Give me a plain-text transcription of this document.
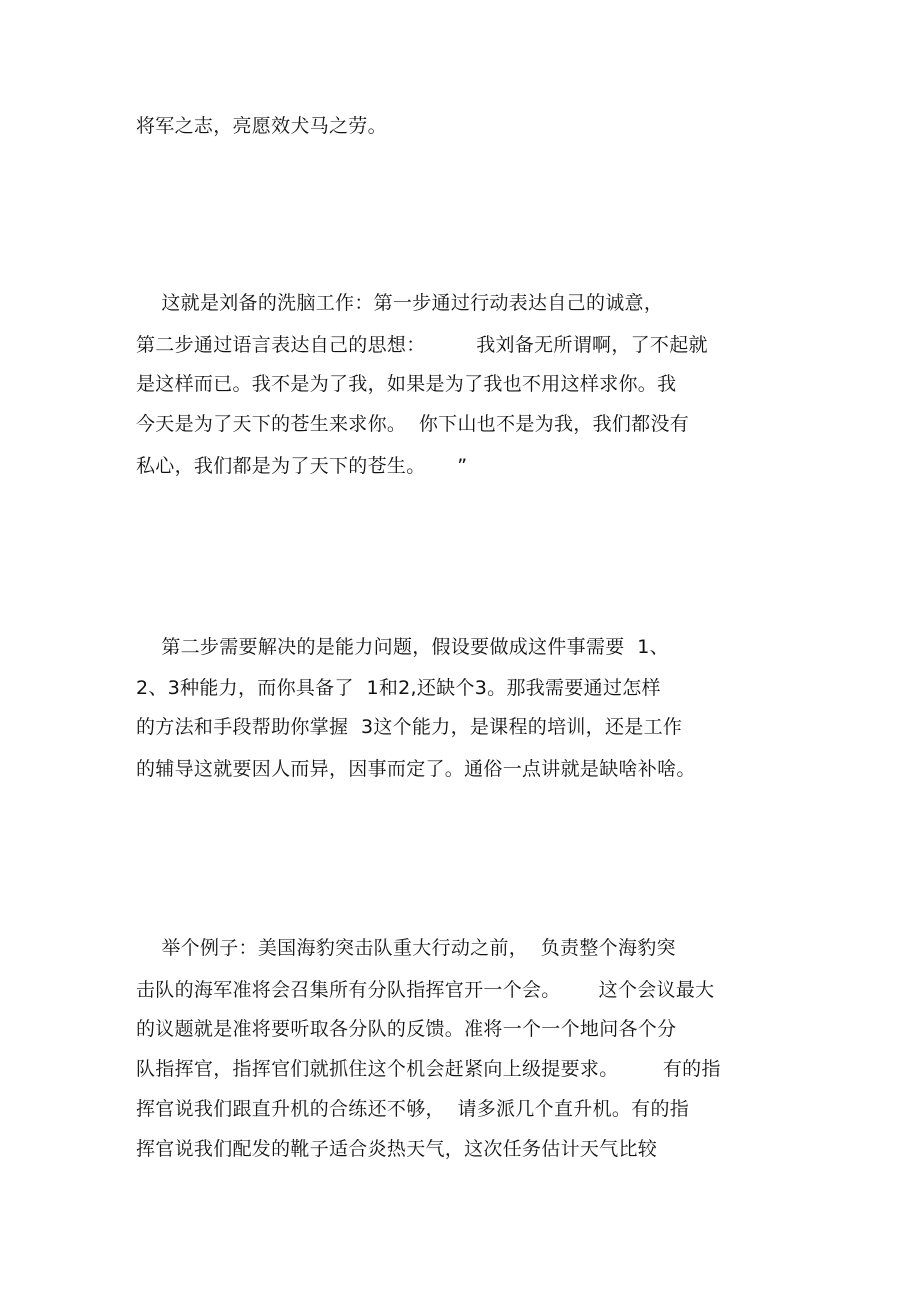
将军之志，亮愿效犬马之劳。
这就是刘备的洗脑工作：第一步通过行动表达自己的诚意，
第二步通过语言表达自己的思想：        我刘备无所谓啊，了不起就
是这样而已。我不是为了我，如果是为了我也不用这样求你。我
今天是为了天下的苍生来求你。  你下山也不是为我，我们都没有
私心，我们都是为了天下的苍生。     ”
第二步需要解决的是能力问题，假设要做成这件事需要  1、
2、3种能力，而你具备了  1和2,还缺个3。那我需要通过怎样
的方法和手段帮助你掌握  3这个能力，是课程的培训，还是工作
的辅导这就要因人而异，因事而定了。通俗一点讲就是缺啥补啥。
举个例子：美国海豹突击队重大行动之前，  负责整个海豹突
击队的海军准将会召集所有分队指挥官开一个会。      这个会议最大
的议题就是准将要听取各分队的反馈。准将一个一个地问各个分
队指挥官，指挥官们就抓住这个机会赶紧向上级提要求。       有的指
挥官说我们跟直升机的合练还不够，  请多派几个直升机。有的指
挥官说我们配发的靴子适合炎热天气，这次任务估计天气比较
